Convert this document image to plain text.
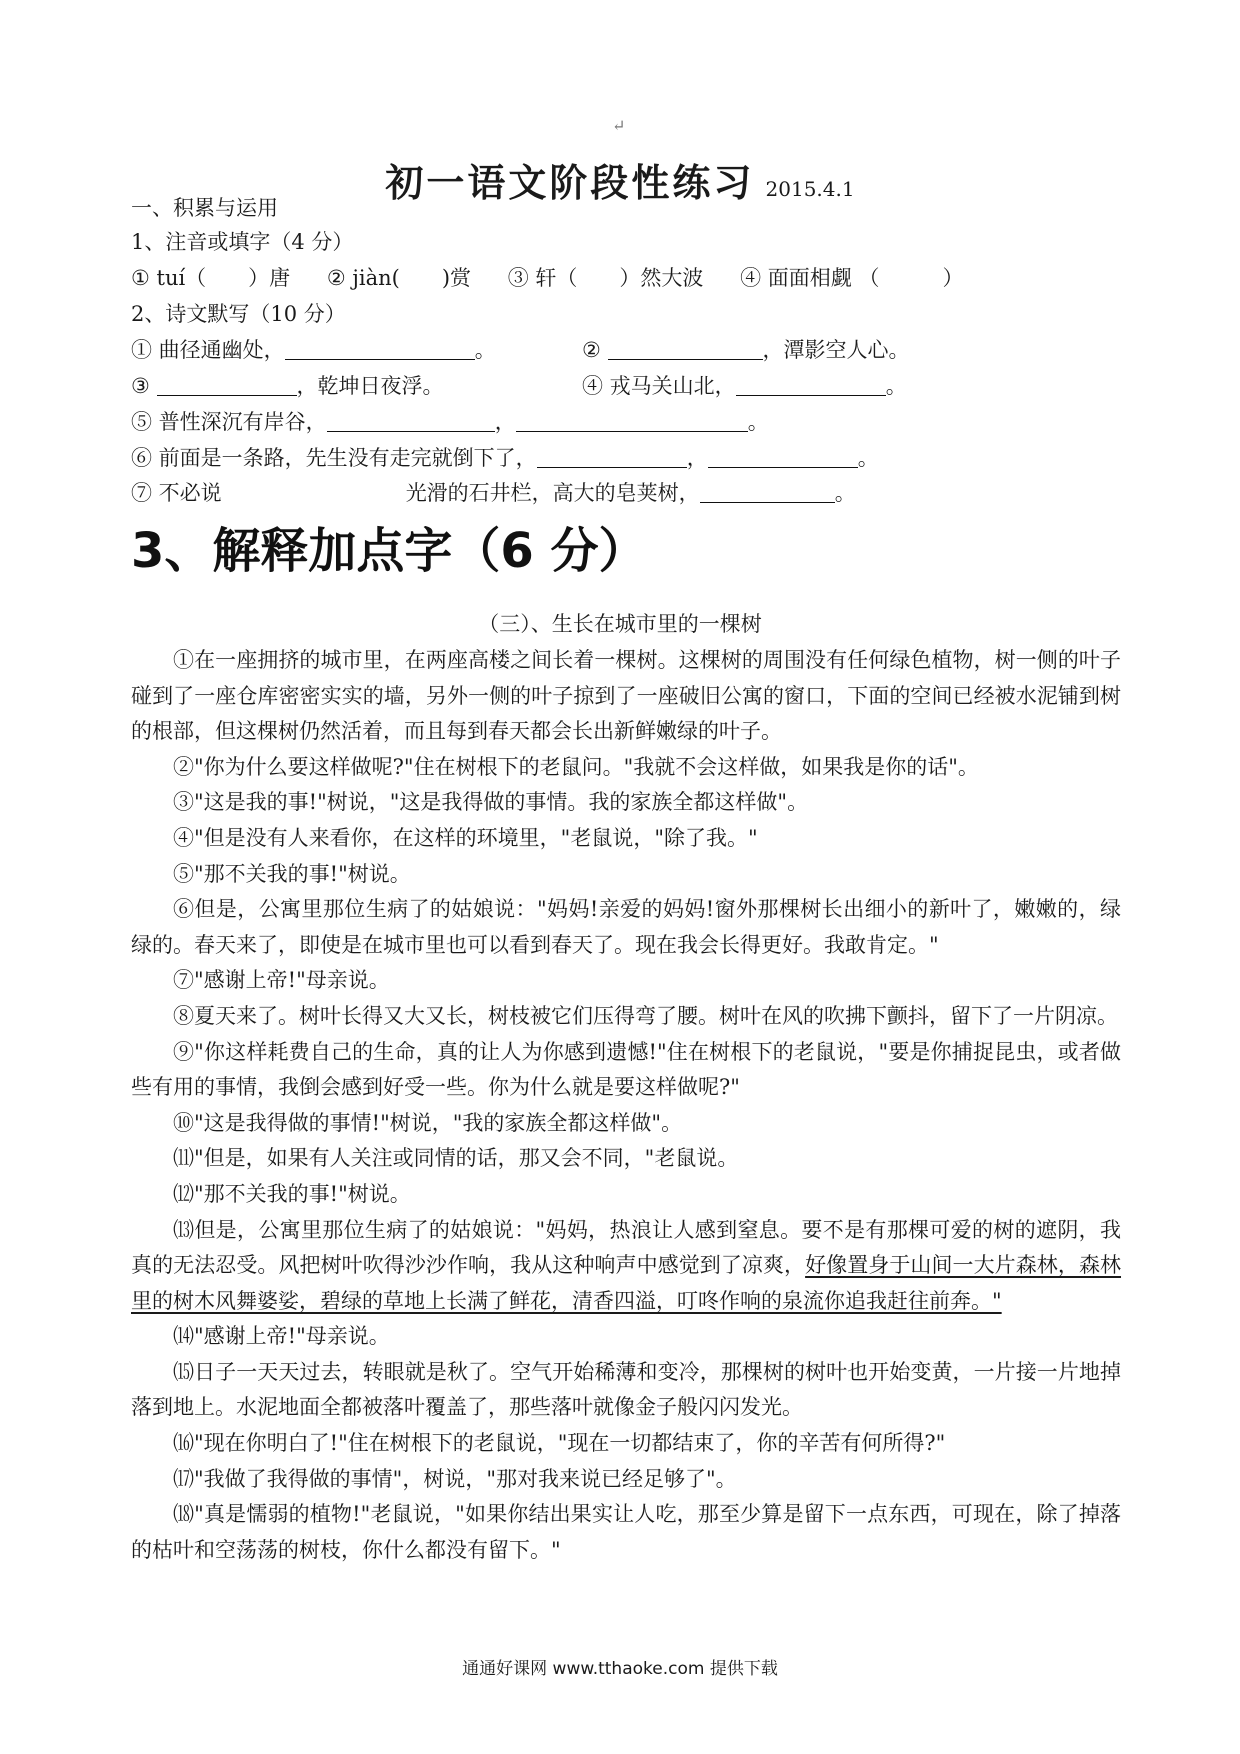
↵
初一语文阶段性练习 2015.4.1
一、积累与运用
1、注音或填字（4 分）
① tuí（　　）唐 ② jiàn(　　)赏 ③ 轩（　　）然大波 ④ 面面相觑 （　　　）
2、诗文默写（10 分）
① 曲径通幽处，	。	②	，潭影空人心。
③	，乾坤日夜浮。	④ 戎马关山北，	。
⑤ 普性深沉有岸谷，	，	。
⑥ 前面是一条路，先生没有走完就倒下了，	，	。
⑦ 不必说	光滑的石井栏，高大的皂荚树，	。
3、解释加点字（6 分）
（三）、生长在城市里的一棵树

①在一座拥挤的城市里，在两座高楼之间长着一棵树。这棵树的周围没有任何绿色植物，树一侧的叶子碰到了一座仓库密密实实的墙，另外一侧的叶子掠到了一座破旧公寓的窗口，下面的空间已经被水泥铺到树的根部，但这棵树仍然活着，而且每到春天都会长出新鲜嫩绿的叶子。

②"你为什么要这样做呢?"住在树根下的老鼠问。"我就不会这样做，如果我是你的话"。

③"这是我的事!"树说，"这是我得做的事情。我的家族全都这样做"。

④"但是没有人来看你，在这样的环境里，"老鼠说，"除了我。"

⑤"那不关我的事!"树说。

⑥但是，公寓里那位生病了的姑娘说："妈妈!亲爱的妈妈!窗外那棵树长出细小的新叶了，嫩嫩的，绿绿的。春天来了，即使是在城市里也可以看到春天了。现在我会长得更好。我敢肯定。"

⑦"感谢上帝!"母亲说。

⑧夏天来了。树叶长得又大又长，树枝被它们压得弯了腰。树叶在风的吹拂下颤抖，留下了一片阴凉。

⑨"你这样耗费自己的生命，真的让人为你感到遗憾!"住在树根下的老鼠说，"要是你捕捉昆虫，或者做些有用的事情，我倒会感到好受一些。你为什么就是要这样做呢?"

⑩"这是我得做的事情!"树说，"我的家族全都这样做"。

⑾"但是，如果有人关注或同情的话，那又会不同，"老鼠说。

⑿"那不关我的事!"树说。

⒀但是，公寓里那位生病了的姑娘说："妈妈，热浪让人感到窒息。要不是有那棵可爱的树的遮阴，我真的无法忍受。风把树叶吹得沙沙作响，我从这种响声中感觉到了凉爽，好像置身于山间一大片森林，森林里的树木风舞婆娑，碧绿的草地上长满了鲜花，清香四溢，叮咚作响的泉流你追我赶往前奔。"

⒁"感谢上帝!"母亲说。

⒂日子一天天过去，转眼就是秋了。空气开始稀薄和变冷，那棵树的树叶也开始变黄，一片接一片地掉落到地上。水泥地面全都被落叶覆盖了，那些落叶就像金子般闪闪发光。

⒃"现在你明白了!"住在树根下的老鼠说，"现在一切都结束了，你的辛苦有何所得?"

⒄"我做了我得做的事情"，树说，"那对我来说已经足够了"。

⒅"真是懦弱的植物!"老鼠说，"如果你结出果实让人吃，那至少算是留下一点东西，可现在，除了掉落的枯叶和空荡荡的树枝，你什么都没有留下。"

通通好课网 www.tthaoke.com 提供下载
